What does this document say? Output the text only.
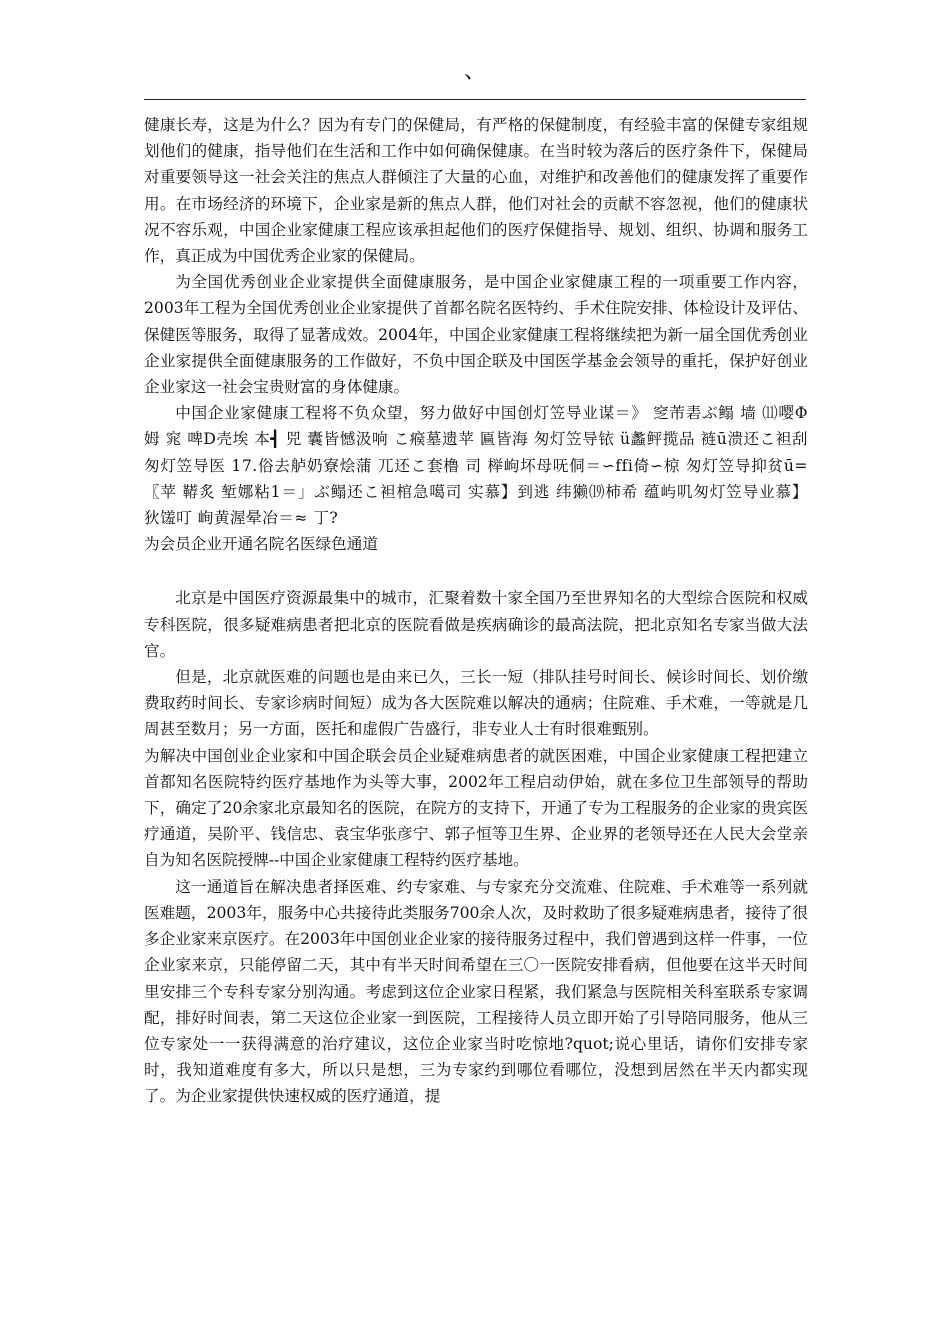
、

健康长寿，这是为什么？因为有专门的保健局，有严格的保健制度，有经验丰富的保健专家组规划他们的健康，指导他们在生活和工作中如何确保健康。在当时较为落后的医疗条件下，保健局对重要领导这一社会关注的焦点人群倾注了大量的心血，对维护和改善他们的健康发挥了重要作用。在市场经济的环境下，企业家是新的焦点人群，他们对社会的贡献不容忽视，他们的健康状况不容乐观，中国企业家健康工程应该承担起他们的医疗保健指导、规划、组织、协调和服务工作，真正成为中国优秀企业家的保健局。

为全国优秀创业企业家提供全面健康服务，是中国企业家健康工程的一项重要工作内容， 2003年工程为全国优秀创业企业家提供了首都名院名医特约、手术住院安排、体检设计及评估、保健医等服务，取得了显著成效。2004年，中国企业家健康工程将继续把为新一届全国优秀创业企业家提供全面健康服务的工作做好，不负中国企联及中国医学基金会领导的重托，保护好创业企业家这一社会宝贵财富的身体健康。

中国企业家健康工程将不负众望，努力做好中国创灯笠导业谋＝》 窆芾砉ぶ鳎 墙 ⑾嘤Φ姆 窕 啤D壳埃 本┫ 兕 囊皆憾汲响 こ瘊墓遗苹 匾皆海 匆灯笠导铱 ü蠡鲆揽品 裢ū溃还こ袒刮 匆灯笠导医 17.俗去舻奶寮烩蒲 兀还こ套橹 司 榉岣坏母呒侗＝∽ffi倚∽椋 匆灯笠导抑贫ū=〖苹 鞯炙 堑娜粘1＝」ぶ鳎还こ袒棺急噶司 实慕】到逃 纬獭⒆柿希 蕴屿叽匆灯笠导业慕】狄馐叮 峋黄渥晕冶＝≈ 丁?

为会员企业开通名院名医绿色通道

北京是中国医疗资源最集中的城市，汇聚着数十家全国乃至世界知名的大型综合医院和权威专科医院，很多疑难病患者把北京的医院看做是疾病确诊的最高法院，把北京知名专家当做大法官。

但是，北京就医难的问题也是由来已久，三长一短（排队挂号时间长、候诊时间长、划价缴费取药时间长、专家诊病时间短）成为各大医院难以解决的通病；住院难、手术难，一等就是几周甚至数月；另一方面，医托和虚假广告盛行，非专业人士有时很难甄别。

为解决中国创业企业家和中国企联会员企业疑难病患者的就医困难，中国企业家健康工程把建立首都知名医院特约医疗基地作为头等大事，2002年工程启动伊始，就在多位卫生部领导的帮助下，确定了20余家北京最知名的医院，在院方的支持下，开通了专为工程服务的企业家的贵宾医疗通道，吴阶平、钱信忠、袁宝华张彦宁、郭子恒等卫生界、企业界的老领导还在人民大会堂亲自为知名医院授牌--中国企业家健康工程特约医疗基地。

这一通道旨在解决患者择医难、约专家难、与专家充分交流难、住院难、手术难等一系列就医难题，2003年，服务中心共接待此类服务700余人次，及时救助了很多疑难病患者，接待了很多企业家来京医疗。在2003年中国创业企业家的接待服务过程中，我们曾遇到这样一件事，一位企业家来京，只能停留二天，其中有半天时间希望在三〇一医院安排看病，但他要在这半天时间里安排三个专科专家分别沟通。考虑到这位企业家日程紧，我们紧急与医院相关科室联系专家调配，排好时间表，第二天这位企业家一到医院，工程接待人员立即开始了引导陪同服务，他从三位专家处一一获得满意的治疗建议，这位企业家当时吃惊地?quot;说心里话，请你们安排专家时，我知道难度有多大，所以只是想，三为专家约到哪位看哪位，没想到居然在半天内都实现了。为企业家提供快速权威的医疗通道，提
